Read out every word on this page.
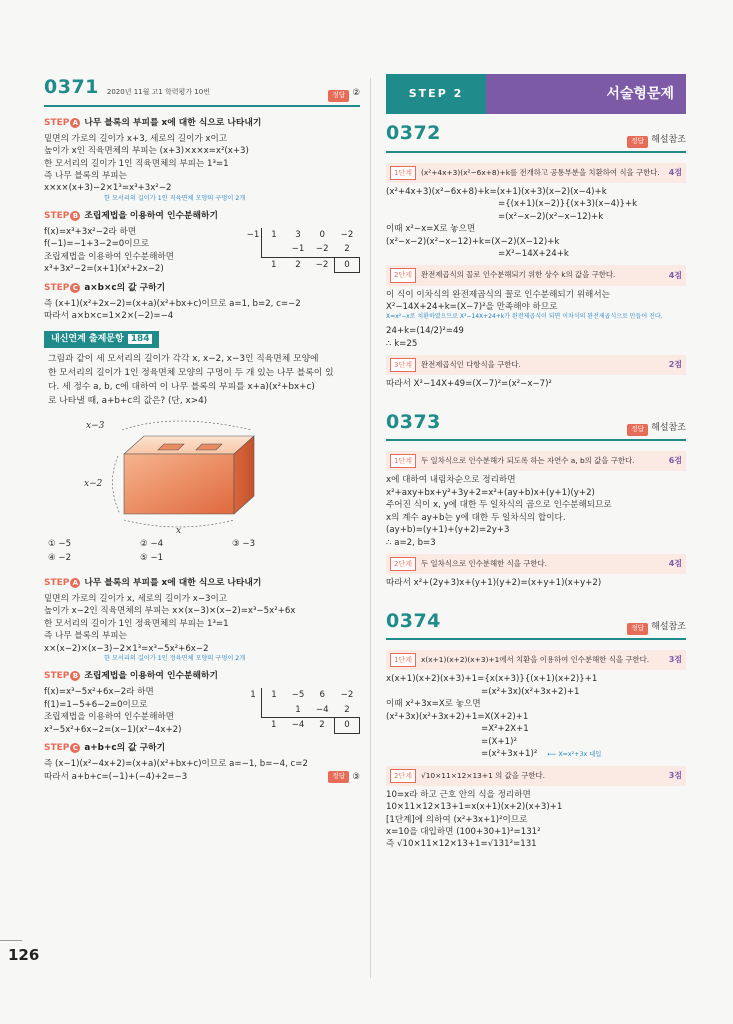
126
0371 2020년 11월 고1 학력평가 10번	정답 ②
STEP A 나무 블록의 부피를 x에 대한 식으로 나타내기
밑면의 가로의 길이가 x+3, 세로의 길이가 x이고
높이가 x인 직육면체의 부피는 (x+3)×x×x=x²(x+3)
한 모서리의 길이가 1인 직육면체의 부피는 1³=1
즉 나무 블록의 부피는
x×x×(x+3)−2×1³=x³+3x²−2
한 모서리의 길이가 1인 직육면체 모양의 구멍이 2개
STEP B 조립제법을 이용하여 인수분해하기
f(x)=x³+3x²−2라 하면
f(−1)=−1+3−2=0이므로
조립제법을 이용하여 인수분해하면
x³+3x²−2=(x+1)(x²+2x−2)
−1	1	3	0	−2
		−1	−2	2
	1	2	−2	0
STEP C a×b×c의 값 구하기
즉 (x+1)(x²+2x−2)=(x+a)(x²+bx+c)이므로 a=1, b=2, c=−2
따라서 a×b×c=1×2×(−2)=−4
내신연계 출제문항 184
그림과 같이 세 모서리의 길이가 각각 x, x−2, x−3인 직육면체 모양에
한 모서리의 길이가 1인 정육면체 모양의 구멍이 두 개 있는 나무 블록이 있
다. 세 정수 a, b, c에 대하여 이 나무 블록의 부피를 x+a)(x²+bx+c)
로 나타낼 때, a+b+c의 값은? (단, x>4)
x−3
x−2
x
① −5	② −4	③ −3
④ −2	⑤ −1
STEP A 나무 블록의 부피를 x에 대한 식으로 나타내기
밑면의 가로의 길이가 x, 세로의 길이가 x−3이고
높이가 x−2인 직육면체의 부피는 x×(x−3)×(x−2)=x³−5x²+6x
한 모서리의 길이가 1인 정육면체의 부피는 1³=1
즉 나무 블록의 부피는
x×(x−2)×(x−3)−2×1³=x³−5x²+6x−2
한 모서리의 길이가 1인 정육면체 모양의 구멍이 2개
STEP B 조립제법을 이용하여 인수분해하기
f(x)=x³−5x²+6x−2라 하면
f(1)=1−5+6−2=0이므로
조립제법을 이용하여 인수분해하면
x³−5x²+6x−2=(x−1)(x²−4x+2)
1	1	−5	6	−2
		1	−4	2
	1	−4	2	0
STEP C a+b+c의 값 구하기
즉 (x−1)(x²−4x+2)=(x+a)(x²+bx+c)이므로 a=−1, b=−4, c=2
따라서 a+b+c=(−1)+(−4)+2=−3	정답 ③
STEP 2	서술형문제
0372	정답 해설참조
1단계	(x²+4x+3)(x²−6x+8)+k를 전개하고 공통부분을 치환하여 식을 구한다.	4점
(x²+4x+3)(x²−6x+8)+k=(x+1)(x+3)(x−2)(x−4)+k
={(x+1)(x−2)}{(x+3)(x−4)}+k
=(x²−x−2)(x²−x−12)+k
이때 x²−x=X로 놓으면
(x²−x−2)(x²−x−12)+k=(X−2)(X−12)+k
=X²−14X+24+k
2단계	완전제곱식의 꼴로 인수분해되기 위한 상수 k의 값을 구한다.	4점
이 식이 이차식의 완전제곱식의 꼴로 인수분해되기 위해서는
X²−14X+24+k=(X−7)²을 만족해야 하므로
X=x²−x로 치환하였으므로 X²−14X+24+k가 완전제곱식이 되면 이차식의 완전제곱식으로 만들어 진다.
24+k=(14/2)²=49
∴ k=25
3단계	완전제곱식인 다항식을 구한다.	2점
따라서 X²−14X+49=(X−7)²=(x²−x−7)²
0373	정답 해설참조
1단계	두 일차식으로 인수분해가 되도록 하는 자연수 a, b의 값을 구한다.	6점
x에 대하여 내림차순으로 정리하면
x²+axy+bx+y²+3y+2=x²+(ay+b)x+(y+1)(y+2)
주어진 식이 x, y에 대한 두 일차식의 곱으로 인수분해되므로
x의 계수 ay+b는 y에 대한 두 일차식의 합이다.
(ay+b)=(y+1)+(y+2)=2y+3
∴ a=2, b=3
2단계	두 일차식으로 인수분해한 식을 구한다.	4점
따라서 x²+(2y+3)x+(y+1)(y+2)=(x+y+1)(x+y+2)
0374	정답 해설참조
1단계	x(x+1)(x+2)(x+3)+1에서 치환을 이용하여 인수분해한 식을 구한다.	3점
x(x+1)(x+2)(x+3)+1={x(x+3)}{(x+1)(x+2)}+1
=(x²+3x)(x²+3x+2)+1
이때 x²+3x=X로 놓으면
(x²+3x)(x²+3x+2)+1=X(X+2)+1
=X²+2X+1
=(X+1)²
=(x²+3x+1)² ⟵ X=x²+3x 대입
2단계	√10×11×12×13+1 의 값을 구한다.	3점
10=x라 하고 근호 안의 식을 정리하면
10×11×12×13+1=x(x+1)(x+2)(x+3)+1
[1단계]에 의하여 (x²+3x+1)²이므로
x=10을 대입하면 (100+30+1)²=131²
즉 √10×11×12×13+1=√131²=131
